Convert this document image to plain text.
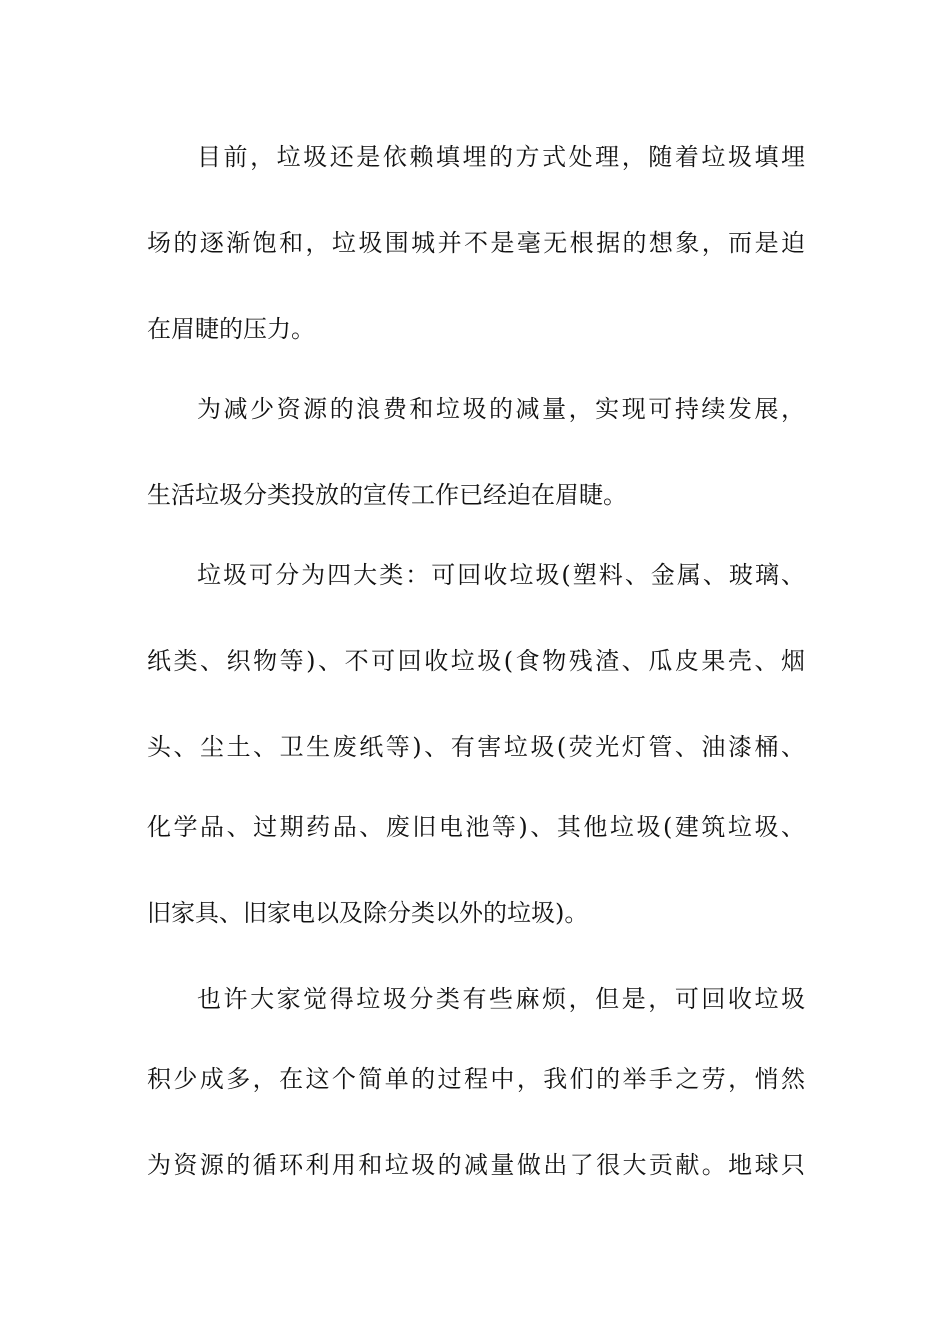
目前，垃圾还是依赖填埋的方式处理，随着垃圾填埋
场的逐渐饱和，垃圾围城并不是毫无根据的想象，而是迫
在眉睫的压力。
为减少资源的浪费和垃圾的减量，实现可持续发展，
生活垃圾分类投放的宣传工作已经迫在眉睫。
垃圾可分为四大类：可回收垃圾(塑料、金属、玻璃、
纸类、织物等)、不可回收垃圾(食物残渣、瓜皮果壳、烟
头、尘土、卫生废纸等)、有害垃圾(荧光灯管、油漆桶、
化学品、过期药品、废旧电池等)、其他垃圾(建筑垃圾、
旧家具、旧家电以及除分类以外的垃圾)。
也许大家觉得垃圾分类有些麻烦，但是，可回收垃圾
积少成多，在这个简单的过程中，我们的举手之劳，悄然
为资源的循环利用和垃圾的减量做出了很大贡献。地球只
